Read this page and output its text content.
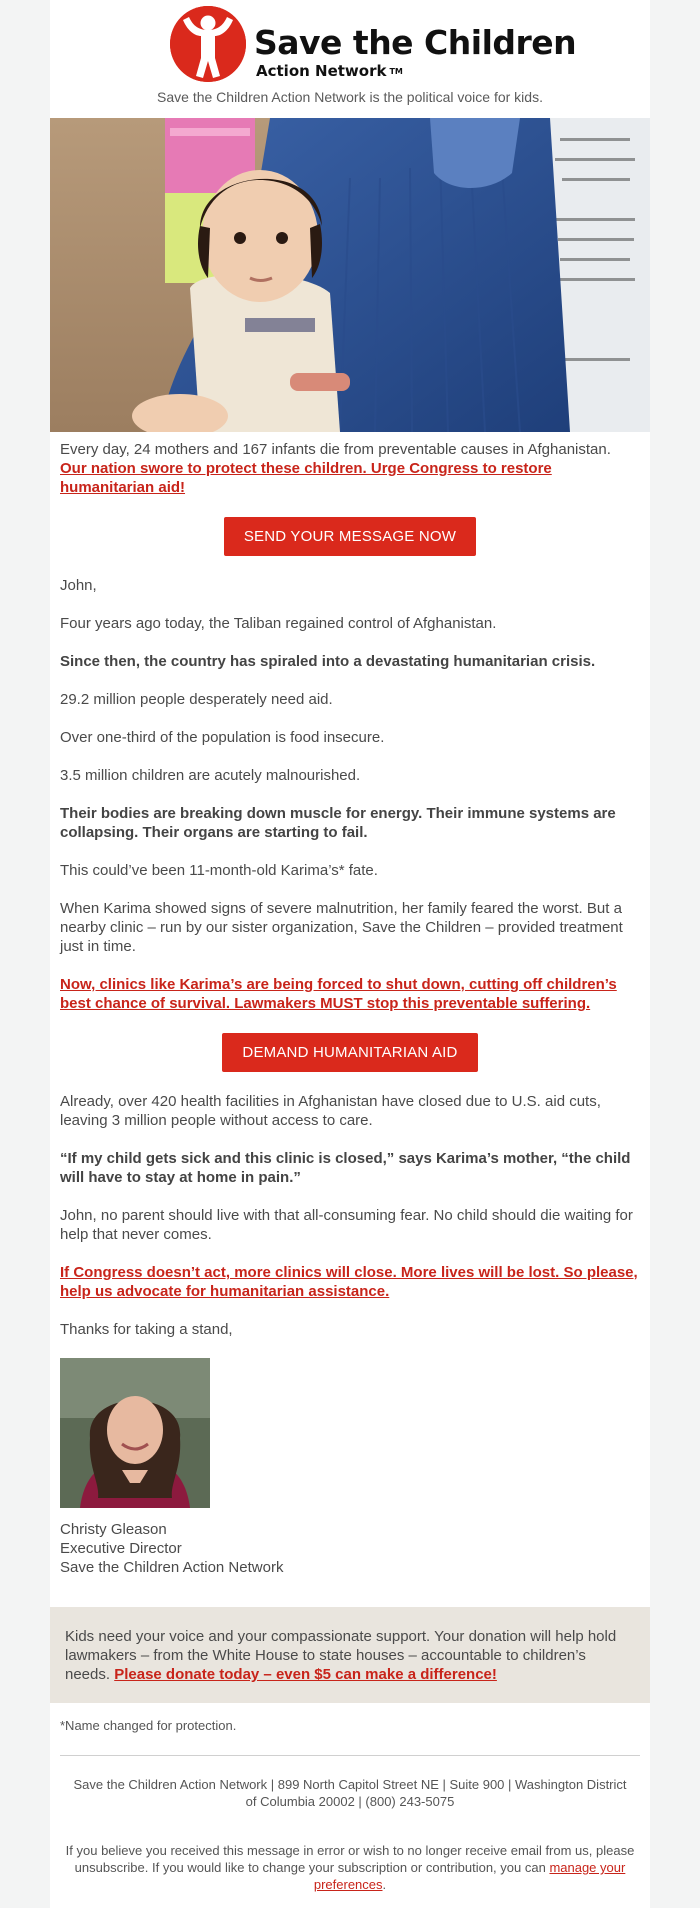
Save the Children
Action Network TM
Save the Children Action Network is the political voice for kids.

Every day, 24 mothers and 167 infants die from preventable causes in Afghanistan.

Our nation swore to protect these children. Urge Congress to restore humanitarian aid!

SEND YOUR MESSAGE NOW

John,

Four years ago today, the Taliban regained control of Afghanistan.

Since then, the country has spiraled into a devastating humanitarian crisis.

29.2 million people desperately need aid.

Over one-third of the population is food insecure.

3.5 million children are acutely malnourished.

Their bodies are breaking down muscle for energy. Their immune systems are collapsing. Their organs are starting to fail.

This could’ve been 11-month-old Karima’s* fate.

When Karima showed signs of severe malnutrition, her family feared the worst. But a nearby clinic – run by our sister organization, Save the Children – provided treatment just in time.

Now, clinics like Karima’s are being forced to shut down, cutting off children’s best chance of survival. Lawmakers MUST stop this preventable suffering.

DEMAND HUMANITARIAN AID

Already, over 420 health facilities in Afghanistan have closed due to U.S. aid cuts, leaving 3 million people without access to care.

“If my child gets sick and this clinic is closed,” says Karima’s mother, “the child will have to stay at home in pain.”

John, no parent should live with that all-consuming fear. No child should die waiting for help that never comes.

If Congress doesn’t act, more clinics will close. More lives will be lost. So please, help us advocate for humanitarian assistance.

Thanks for taking a stand,

Christy Gleason

Executive Director

Save the Children Action Network

Kids need your voice and your compassionate support. Your donation will help hold lawmakers – from the White House to state houses – accountable to children’s needs. Please donate today – even $5 can make a difference!

*Name changed for protection.
Save the Children Action Network | 899 North Capitol Street NE | Suite 900 | Washington District of Columbia 20002 | (800) 243-5075
If you believe you received this message in error or wish to no longer receive email from us, please unsubscribe. If you would like to change your subscription or contribution, you can manage your preferences.
